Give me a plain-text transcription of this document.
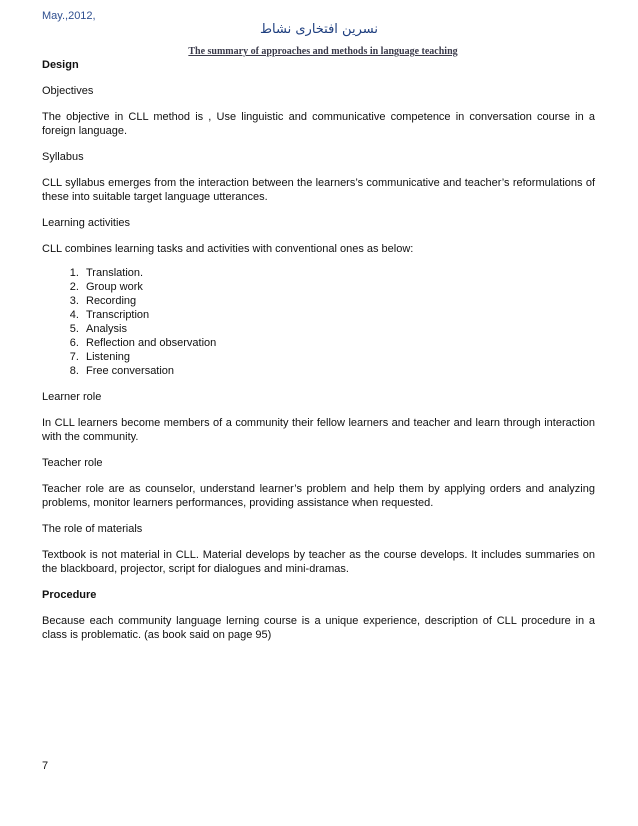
May.,2012,
نسرین افتخاری نشاط
The summary of approaches and methods in language teaching

Design

Objectives

The objective in CLL method is , Use linguistic and communicative competence in conversation course in a foreign language.

Syllabus

CLL syllabus emerges from the interaction between the learners’s communicative and teacher’s reformulations of these into suitable target language utterances.

Learning activities

CLL combines learning tasks and activities with conventional ones as below:

1. Translation.
2. Group work
3. Recording
4. Transcription
5. Analysis
6. Reflection and observation
7. Listening
8. Free conversation

Learner role

In CLL learners become members of a community their fellow learners and teacher and learn through interaction with the community.

Teacher role

Teacher role are as counselor, understand learner’s problem and help them by applying orders and analyzing problems, monitor learners performances, providing assistance when requested.

The role of materials

Textbook is not material in CLL. Material develops by teacher as the course develops. It includes summaries on the blackboard, projector, script for dialogues and mini-dramas.

Procedure

Because each community language lerning course is a unique experience, description of CLL procedure in a class is problematic. (as book said on page 95)

7
